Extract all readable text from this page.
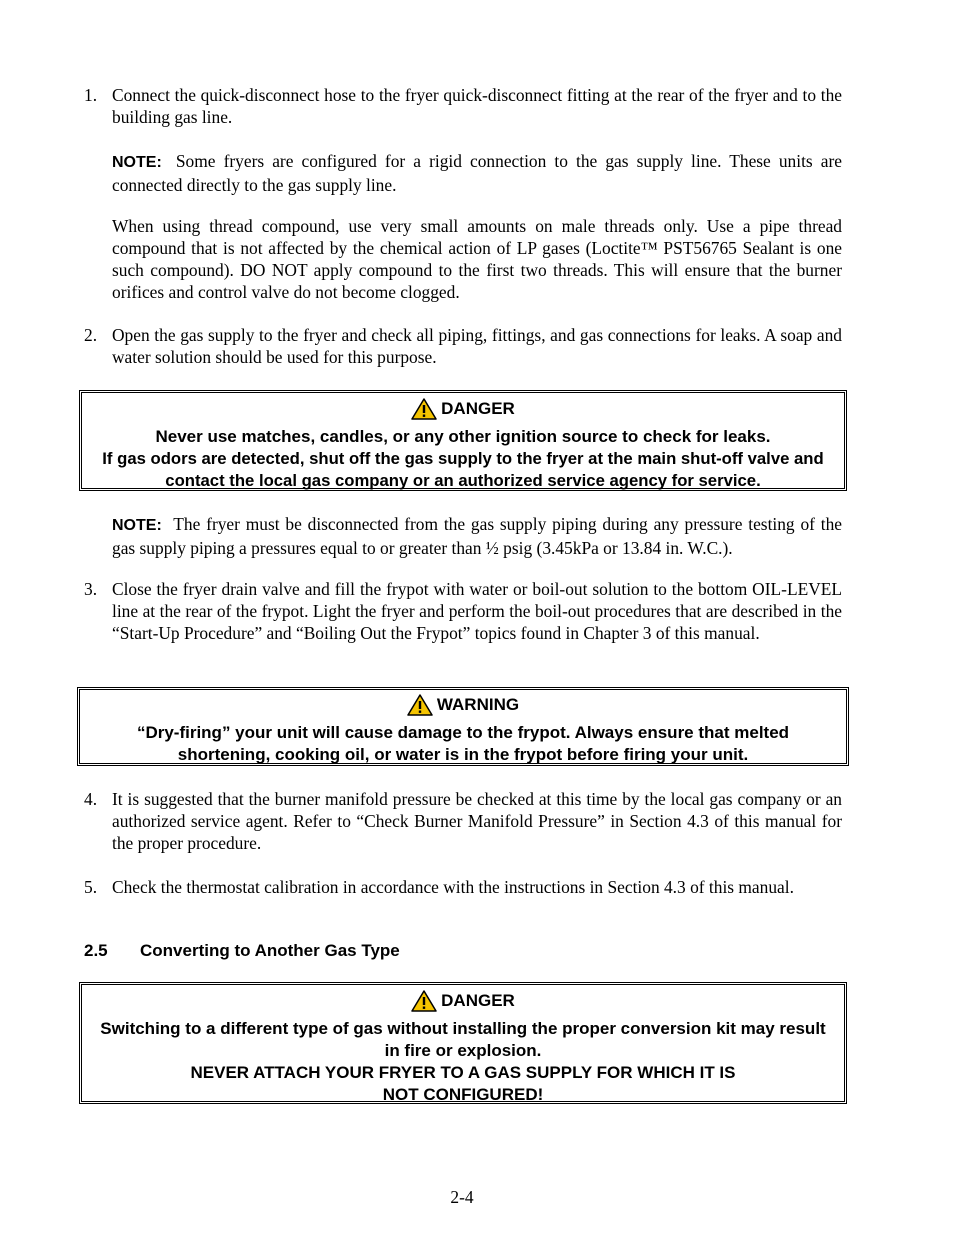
1. Connect the quick-disconnect hose to the fryer quick-disconnect fitting at the rear of the fryer and to the building gas line.
NOTE: Some fryers are configured for a rigid connection to the gas supply line. These units are connected directly to the gas supply line.
When using thread compound, use very small amounts on male threads only. Use a pipe thread compound that is not affected by the chemical action of LP gases (Loctite™ PST56765 Sealant is one such compound). DO NOT apply compound to the first two threads. This will ensure that the burner orifices and control valve do not become clogged.
2. Open the gas supply to the fryer and check all piping, fittings, and gas connections for leaks. A soap and water solution should be used for this purpose.
DANGER
Never use matches, candles, or any other ignition source to check for leaks.
If gas odors are detected, shut off the gas supply to the fryer at the main shut-off valve and contact the local gas company or an authorized service agency for service.
NOTE: The fryer must be disconnected from the gas supply piping during any pressure testing of the gas supply piping a pressures equal to or greater than ½ psig (3.45kPa or 13.84 in. W.C.).
3. Close the fryer drain valve and fill the frypot with water or boil-out solution to the bottom OIL-LEVEL line at the rear of the frypot. Light the fryer and perform the boil-out procedures that are described in the “Start-Up Procedure” and “Boiling Out the Frypot” topics found in Chapter 3 of this manual.
WARNING
“Dry-firing” your unit will cause damage to the frypot. Always ensure that melted shortening, cooking oil, or water is in the frypot before firing your unit.
4. It is suggested that the burner manifold pressure be checked at this time by the local gas company or an authorized service agent. Refer to “Check Burner Manifold Pressure” in Section 4.3 of this manual for the proper procedure.
5. Check the thermostat calibration in accordance with the instructions in Section 4.3 of this manual.
2.5 Converting to Another Gas Type
DANGER
Switching to a different type of gas without installing the proper conversion kit may result in fire or explosion.
NEVER ATTACH YOUR FRYER TO A GAS SUPPLY FOR WHICH IT IS NOT CONFIGURED!
2-4
